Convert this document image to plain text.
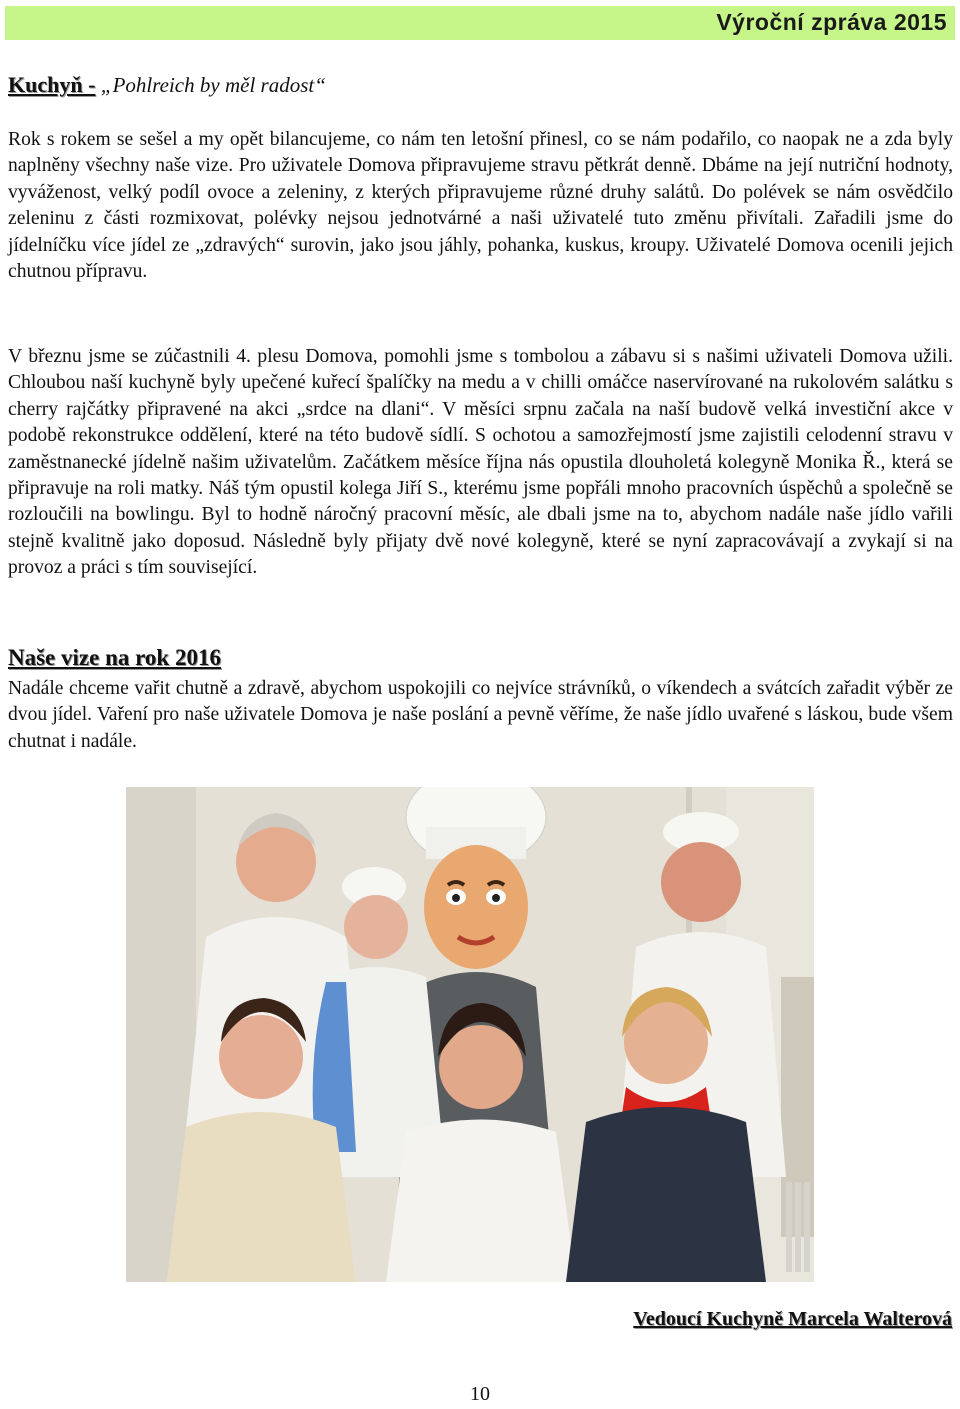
Výroční zpráva 2015
Kuchyň - „Pohlreich by měl radost“

Rok s rokem se sešel a my opět bilancujeme, co nám ten letošní přinesl, co se nám podařilo, co naopak ne a zda byly naplněny všechny naše vize. Pro uživatele Domova připravujeme stravu pětkrát denně. Dbáme na její nutriční hodnoty, vyváženost, velký podíl ovoce a zeleniny, z kterých připravujeme různé druhy salátů. Do polévek se nám osvědčilo zeleninu z části rozmixovat, polévky nejsou jednotvárné a naši uživatelé tuto změnu přivítali. Zařadili jsme do jídelníčku více jídel ze „zdravých“ surovin, jako jsou jáhly, pohanka, kuskus, kroupy. Uživatelé Domova ocenili jejich chutnou přípravu.

V březnu jsme se zúčastnili 4. plesu Domova, pomohli jsme s tombolou a zábavu si s našimi uživateli Domova užili. Chloubou naší kuchyně byly upečené kuřecí špalíčky na medu a v chilli omáčce naservírované na rukolovém salátku s cherry rajčátky připravené na akci „srdce na dlani“. V měsíci srpnu začala na naší budově velká investiční akce v podobě rekonstrukce oddělení, které na této budově sídlí. S ochotou a samozřejmostí jsme zajistili celodenní stravu v zaměstnanecké jídelně našim uživatelům. Začátkem měsíce října nás opustila dlouholetá kolegyně Monika Ř., která se připravuje na roli matky. Náš tým opustil kolega Jiří S., kterému jsme popřáli mnoho pracovních úspěchů a společně se rozloučili na bowlingu. Byl to hodně náročný pracovní měsíc, ale dbali jsme na to, abychom nadále naše jídlo vařili stejně kvalitně jako doposud. Následně byly přijaty dvě nové kolegyně, které se nyní zapracovávají a zvykají si na provoz a práci s tím související.

Naše vize na rok 2016

Nadále chceme vařit chutně a zdravě, abychom uspokojili co nejvíce strávníků, o víkendech a svátcích zařadit výběr ze dvou jídel. Vaření pro naše uživatele Domova je naše poslání a pevně věříme, že naše jídlo uvařené s láskou, bude všem chutnat i nadále.

Vedoucí Kuchyně Marcela Walterová
10
